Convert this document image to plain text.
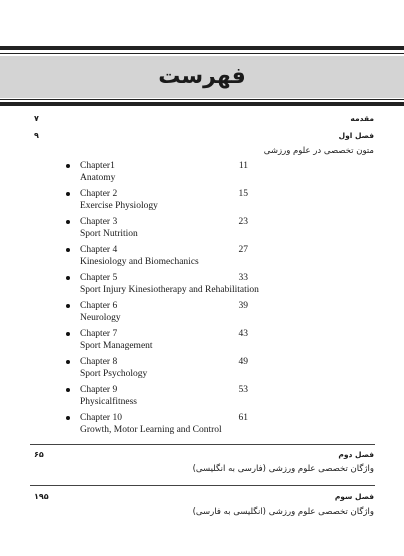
فهرست
مقدمه
۷
فصل اول
۹
متون تخصصی در علوم ورزشی
Chapter1
Anatomy
11
Chapter 2
Exercise Physiology
15
Chapter 3
Sport Nutrition
23
Chapter 4
Kinesiology and Biomechanics
27
Chapter 5
Sport Injury Kinesiotherapy and Rehabilitation
33
Chapter 6
Neurology
39
Chapter 7
Sport Management
43
Chapter 8
Sport Psychology
49
Chapter 9
Physicalfitness
53
Chapter 10
Growth, Motor Learning and Control
61
فصل دوم
۶۵
واژگان تخصصی علوم ورزشی (فارسی به انگلیسی)
فصل سوم
۱۹۵
واژگان تخصصی علوم ورزشی (انگلیسی به فارسی)
